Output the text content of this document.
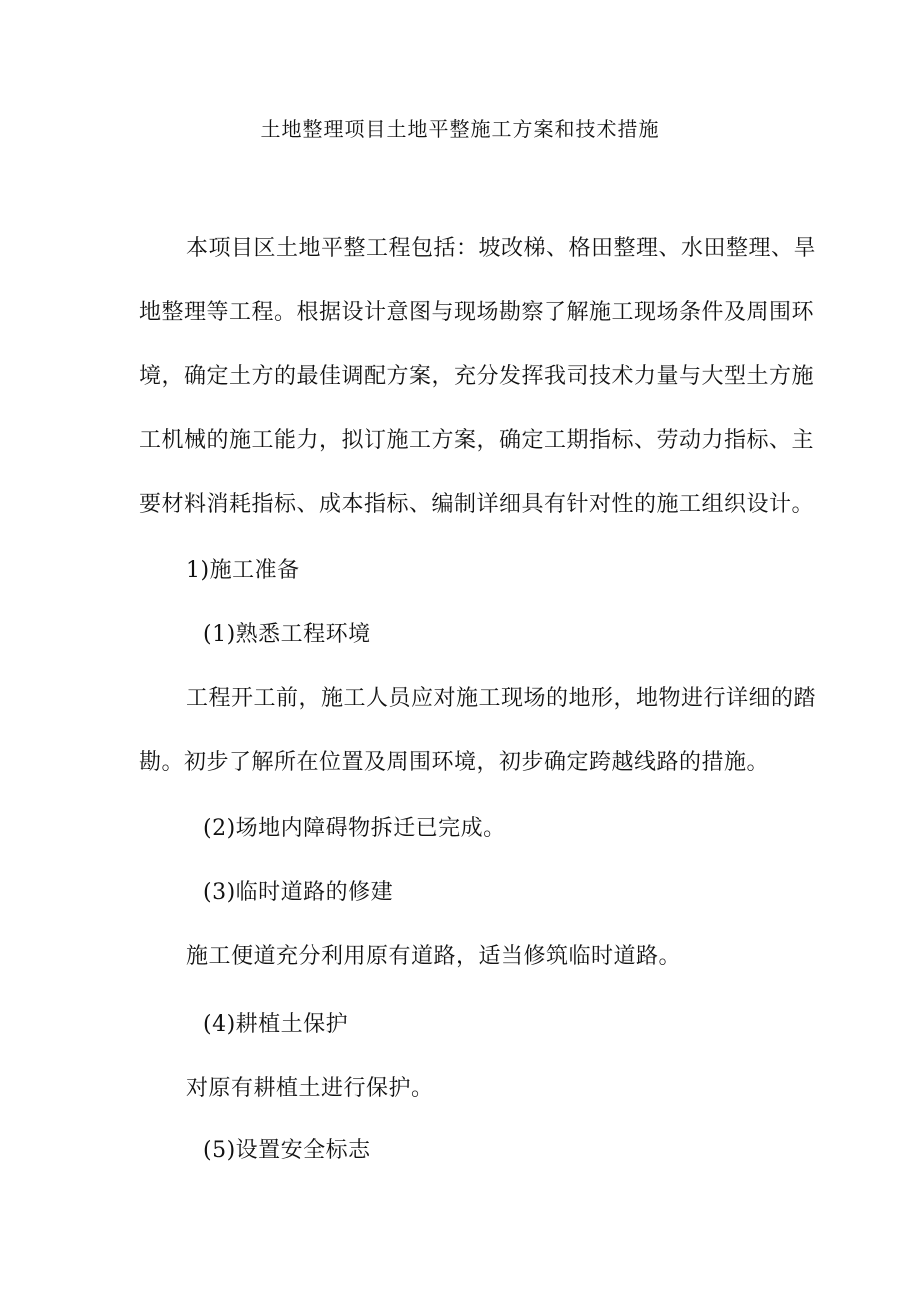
土地整理项目土地平整施工方案和技术措施
本项目区土地平整工程包括：坡改梯、格田整理、水田整理、旱
地整理等工程。根据设计意图与现场勘察了解施工现场条件及周围环
境，确定土方的最佳调配方案，充分发挥我司技术力量与大型土方施
工机械的施工能力，拟订施工方案，确定工期指标、劳动力指标、主
要材料消耗指标、成本指标、编制详细具有针对性的施工组织设计。
1)施工准备
(1)熟悉工程环境
工程开工前，施工人员应对施工现场的地形，地物进行详细的踏
勘。初步了解所在位置及周围环境，初步确定跨越线路的措施。
(2)场地内障碍物拆迁已完成。
(3)临时道路的修建
施工便道充分利用原有道路，适当修筑临时道路。
(4)耕植土保护
对原有耕植土进行保护。
(5)设置安全标志
